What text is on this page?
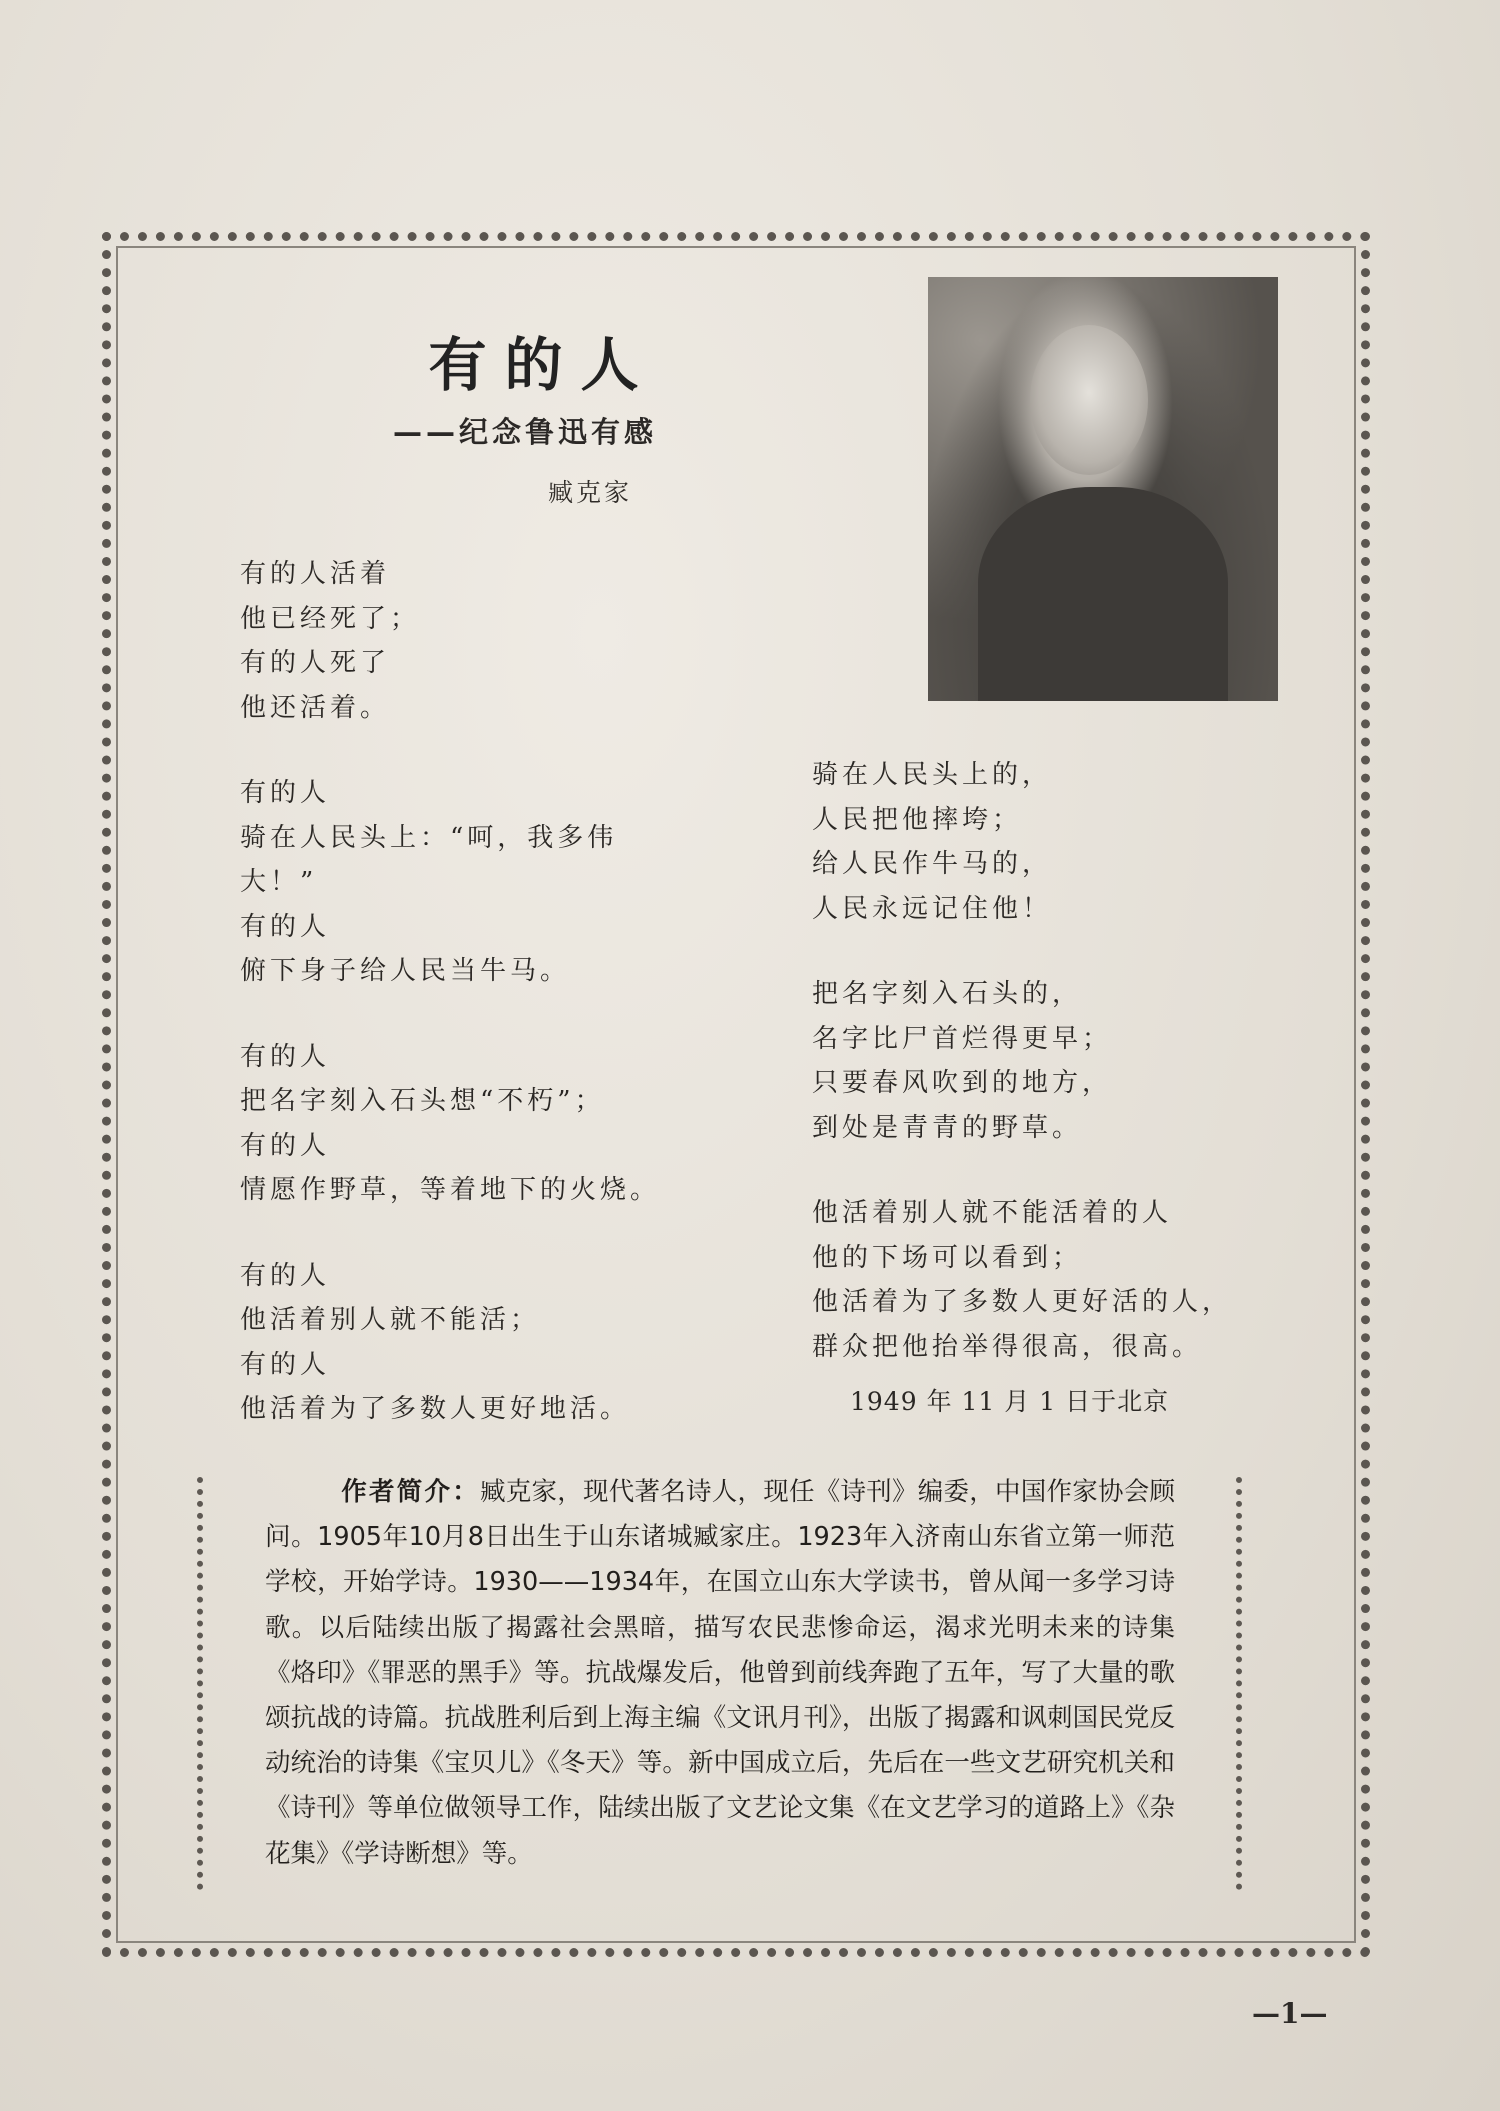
有的人
——纪念鲁迅有感
臧克家
有的人活着
他已经死了；
有的人死了
他还活着。
有的人
骑在人民头上：“呵，我多伟
大！”
有的人
俯下身子给人民当牛马。
有的人
把名字刻入石头想“不朽”；
有的人
情愿作野草，等着地下的火烧。
有的人
他活着别人就不能活；
有的人
他活着为了多数人更好地活。
骑在人民头上的，
人民把他摔垮；
给人民作牛马的，
人民永远记住他！
把名字刻入石头的，
名字比尸首烂得更早；
只要春风吹到的地方，
到处是青青的野草。
他活着别人就不能活着的人
他的下场可以看到；
他活着为了多数人更好活的人，
群众把他抬举得很高，很高。
1949 年 11 月 1 日于北京
作者简介：臧克家，现代著名诗人，现任《诗刊》编委，中国作家协会顾问。1905年10月8日出生于山东诸城臧家庄。1923年入济南山东省立第一师范学校，开始学诗。1930——1934年，在国立山东大学读书，曾从闻一多学习诗歌。以后陆续出版了揭露社会黑暗，描写农民悲惨命运，渴求光明未来的诗集《烙印》《罪恶的黑手》等。抗战爆发后，他曾到前线奔跑了五年，写了大量的歌颂抗战的诗篇。抗战胜利后到上海主编《文讯月刊》，出版了揭露和讽刺国民党反动统治的诗集《宝贝儿》《冬天》等。新中国成立后，先后在一些文艺研究机关和《诗刊》等单位做领导工作，陆续出版了文艺论文集《在文艺学习的道路上》《杂花集》《学诗断想》等。
—1—
